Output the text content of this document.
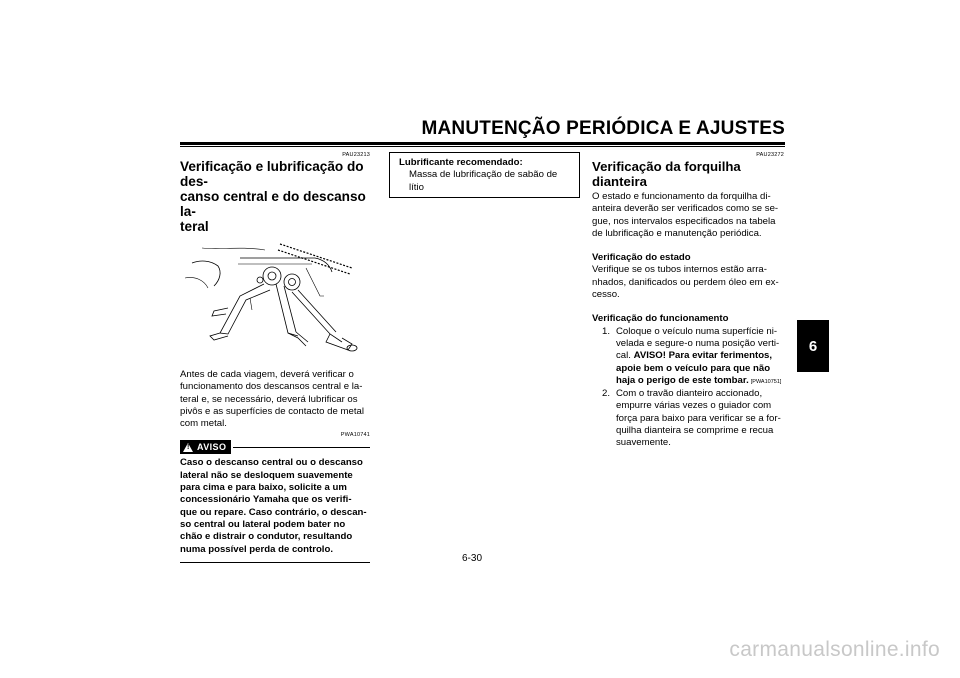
MANUTENÇÃO PERIÓDICA E AJUSTES
6
PAU23213
Verificação e lubrificação do des-
canso central e do descanso la-
teral
Antes de cada viagem, deverá verificar o
funcionamento dos descansos central e la-
teral e, se necessário, deverá lubrificar os
pivôs e as superfícies de contacto de metal
com metal.
PWA10741
! AVISO
Caso o descanso central ou o descanso
lateral não se desloquem suavemente
para cima e para baixo, solicite a um
concessionário Yamaha que os verifi-
que ou repare. Caso contrário, o descan-
so central ou lateral podem bater no
chão e distrair o condutor, resultando
numa possível perda de controlo.
Lubrificante recomendado:
Massa de lubrificação de sabão de
lítio
PAU23272
Verificação da forquilha dianteira
O estado e funcionamento da forquilha di-
anteira deverão ser verificados como se se-
gue, nos intervalos especificados na tabela
de lubrificação e manutenção periódica.
Verificação do estado
Verifique se os tubos internos estão arra-
nhados, danificados ou perdem óleo em ex-
cesso.
Verificação do funcionamento
1. Coloque o veículo numa superfície ni-
velada e segure-o numa posição verti-
cal. AVISO! Para evitar ferimentos,
apoie bem o veículo para que não
haja o perigo de este tombar. [PWA10751]
2. Com o travão dianteiro accionado,
empurre várias vezes o guiador com
força para baixo para verificar se a for-
quilha dianteira se comprime e recua
suavemente.
6-30
carmanualsonline.info
